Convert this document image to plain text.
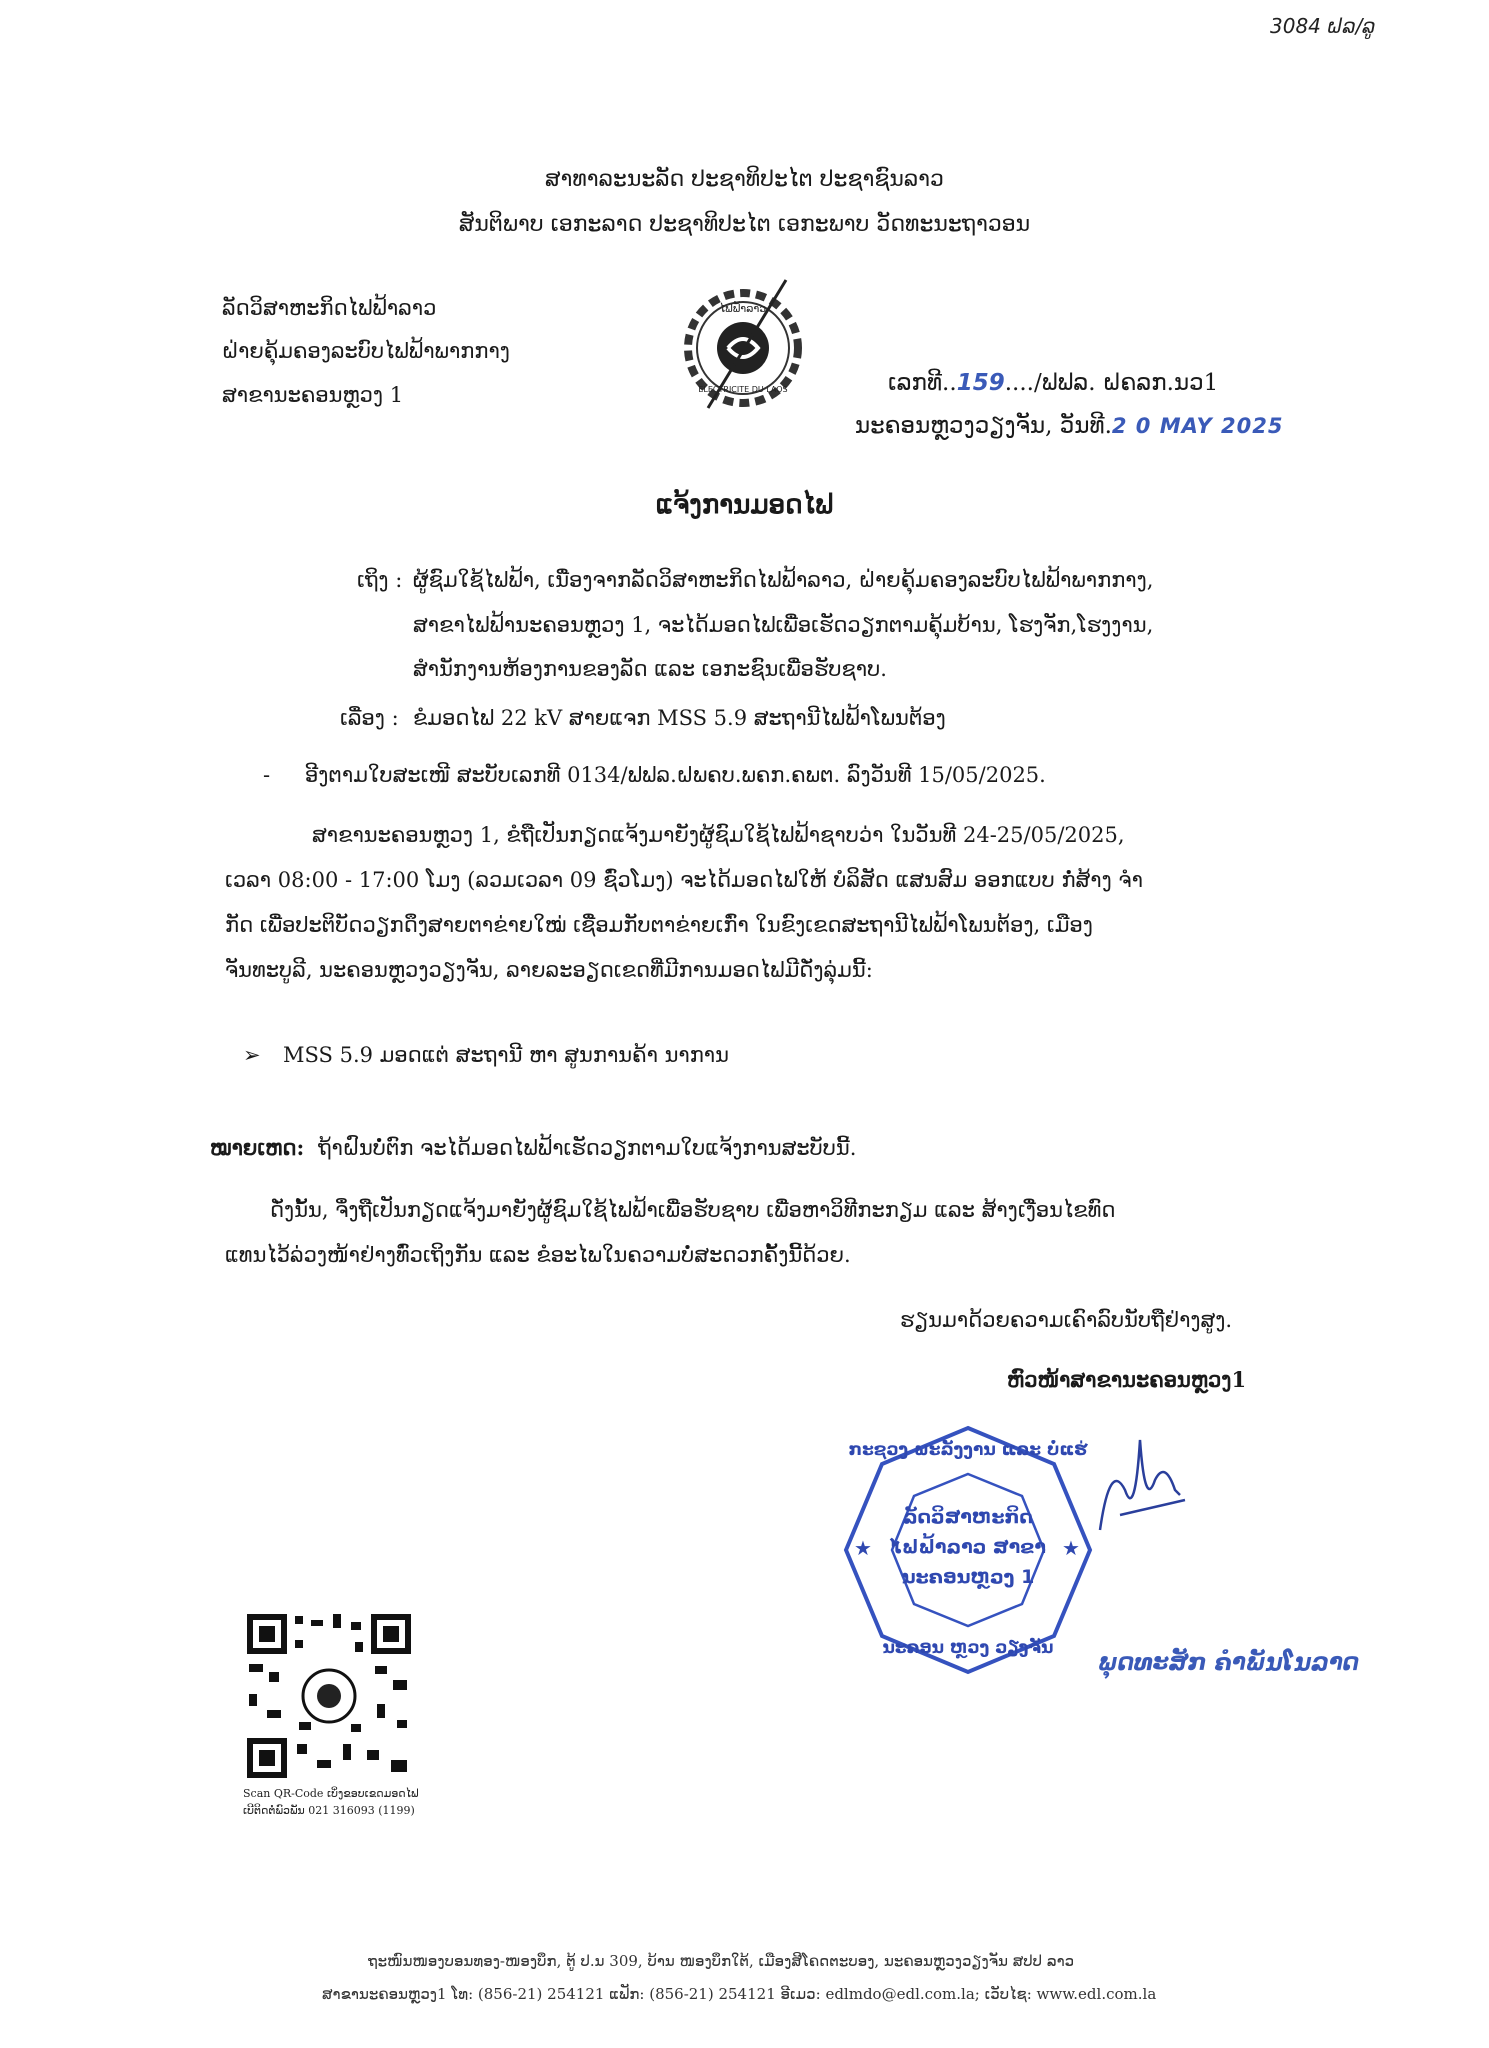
3084 ຝລ/ລູ
ສາທາລະນະລັດ ປະຊາທິປະໄຕ ປະຊາຊົນລາວ
ສັນຕິພາບ ເອກະລາດ ປະຊາທິປະໄຕ ເອກະພາບ ວັດທະນະຖາວອນ
ລັດວິສາຫະກິດໄຟຟ້າລາວ
ຝ່າຍຄຸ້ມຄອງລະບົບໄຟຟ້າພາກກາງ
ສາຂານະຄອນຫຼວງ 1
ໄຟຟ້າລາວ
ELECTRICITE DU LAOS	ເລກທີ..159..../ຟຟລ. ຝຄລກ.ນວ1
ນະຄອນຫຼວງວຽງຈັນ, ວັນທີ.2 0 MAY 2025
ແຈ້ງການມອດໄຟ
ເຖິງ : ຜູ້ຊົມໃຊ້ໄຟຟ້າ, ເນື່ອງຈາກລັດວິສາຫະກິດໄຟຟ້າລາວ, ຝ່າຍຄຸ້ມຄອງລະບົບໄຟຟ້າພາກກາງ,
ສາຂາໄຟຟ້ານະຄອນຫຼວງ 1, ຈະໄດ້ມອດໄຟເພື່ອເຮັດວຽກຕາມຄຸ້ມບ້ານ, ໂຮງຈັກ,ໂຮງງານ,
ສຳນັກງານຫ້ອງການຂອງລັດ ແລະ ເອກະຊົນເພື່ອຮັບຊາບ.
ເລື່ອງ : ຂໍມອດໄຟ 22 kV ສາຍແຈກ MSS 5.9 ສະຖານີໄຟຟ້າໂພນຕ້ອງ
- ອີງຕາມໃບສະເໜີ ສະບັບເລກທີ 0134/ຟຟລ.ຝພຄບ.ພຄກ.ຄພຕ. ລົງວັນທີ 15/05/2025.
ສາຂານະຄອນຫຼວງ 1, ຂໍຖືເປັນກຽດແຈ້ງມາຍັງຜູ້ຊົມໃຊ້ໄຟຟ້າຊາບວ່າ ໃນວັນທີ 24-25/05/2025,
ເວລາ 08:00 - 17:00 ໂມງ (ລວມເວລາ 09 ຊົ່ວໂມງ) ຈະໄດ້ມອດໄຟໃຫ້ ບໍລິສັດ ແສນສົມ ອອກແບບ ກໍ່ສ້າງ ຈຳ
ກັດ ເພື່ອປະຕິບັດວຽກດຶງສາຍຕາຂ່າຍໃໝ່ ເຊື່ອມກັບຕາຂ່າຍເກົ່າ ໃນຂົງເຂດສະຖານີໄຟຟ້າໂພນຕ້ອງ, ເມືອງ
ຈັນທະບູລີ, ນະຄອນຫຼວງວຽງຈັນ, ລາຍລະອຽດເຂດທີ່ມີການມອດໄຟມີດັ່ງລຸ່ມນີ້:
➢ MSS 5.9 ມອດແຕ່ ສະຖານີ ຫາ ສູນການຄ້າ ນາການ
ໝາຍເຫດ: ຖ້າຝົນບໍ່ຕົກ ຈະໄດ້ມອດໄຟຟ້າເຮັດວຽກຕາມໃບແຈ້ງການສະບັບນີ້.
ດັ່ງນັ້ນ, ຈຶ່ງຖືເປັນກຽດແຈ້ງມາຍັງຜູ້ຊົມໃຊ້ໄຟຟ້າເພື່ອຮັບຊາບ ເພື່ອຫາວິທີກະກຽມ ແລະ ສ້າງເງື່ອນໄຂທົດ
ແທນໄວ້ລ່ວງໜ້າຢ່າງທົ່ວເຖິງກັນ ແລະ ຂໍອະໄພໃນຄວາມບໍ່ສະດວກຄັ້ງນີ້ດ້ວຍ.
ຮຽນມາດ້ວຍຄວາມເຄົາລົບນັບຖືຢ່າງສູງ.
ຫົວໜ້າສາຂານະຄອນຫຼວງ1
ກະຊວງ ພະລັງງານ ແລະ ບໍ່ແຮ່
ລັດວິສາຫະກິດ
ໄຟຟ້າລາວ ສາຂາ
ນະຄອນຫຼວງ 1
★	★
ນະຄອນ ຫຼວງ ວຽງຈັນ
ພຸດທະສັກ ຄຳພັນໂນລາດ
Scan QR-Code ເບິ່ງຂອບເຂດມອດໄຟ
ເບີຕິດຕໍ່ພົວພັນ 021 316093 (1199)
ຖະໜົນໜອງບອນທອງ-ໜອງບຶກ, ຕູ້ ປ.ນ 309, ບ້ານ ໜອງບຶກໃຕ້, ເມືອງສີໂຄດຕະບອງ, ນະຄອນຫຼວງວຽງຈັນ ສປປ ລາວ
ສາຂານະຄອນຫຼວງ1 ໂທ: (856-21) 254121 ແຟັກ: (856-21) 254121 ອີເມວ: edlmdo@edl.com.la; ເວັບໄຊ: www.edl.com.la
